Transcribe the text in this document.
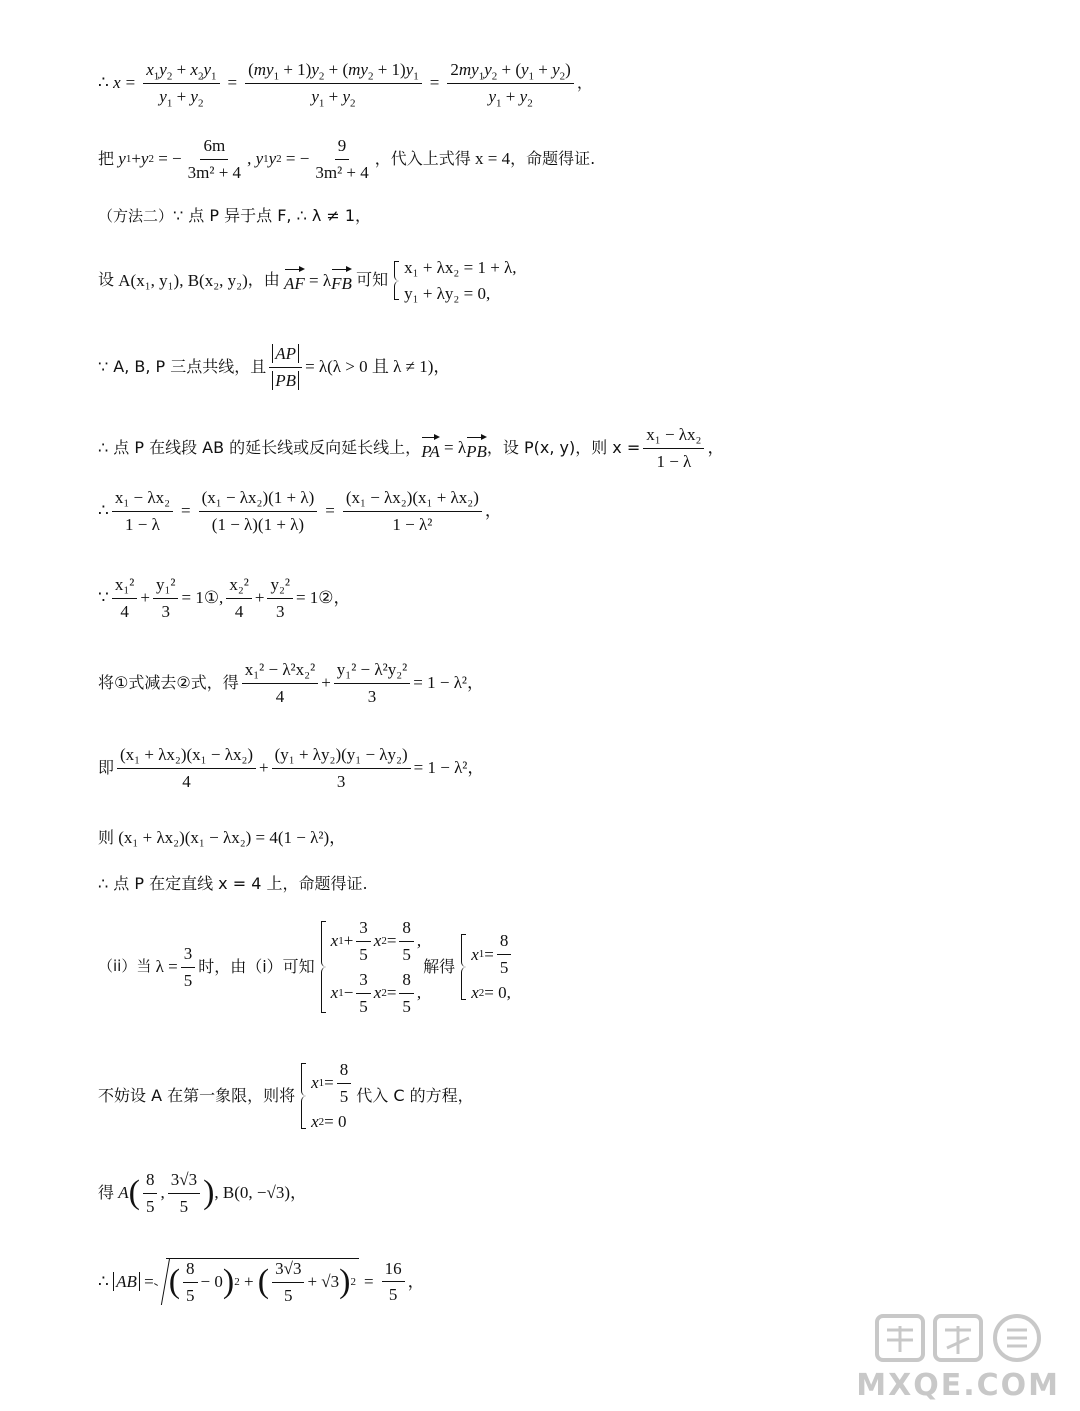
∴
$x = \frac{x_1y_2 + x_2y_1}{y_1 + y_2} = \frac{(my_1 + 1)y_2 + (my_2 + 1)y_1}{y_1 + y_2} = \frac{2my_1y_2 + (y_1 + y_2)}{y_1 + y_2}$ ，
把
y 1 + y 2 = − $\frac{6m}{\text{3m² + 4}}$ , y 1 y 2 = − $\frac{9}{\text{3m² + 4}}$ ，代入上式得
x = 4 ，命题得证.
（方法二） ∵ 点 P 异于点 F, ∴ λ ≠ 1，
设
A(x₁, y₁), B(x₂, y₂) ，由
AF
= λ FB
可知
x₁ + λx₂ = 1 + λ,
y₁ + λy₂ = 0,
∵ A, B, P 三点共线，且 $\frac{AP}{PB} = \lambda(\lambda > 0$ 且 λ ≠ 1)，
∴ 点 P 在线段 AB 的延长线或反向延长线上， PA
= λ PB ，设 P(x, y)，则 $x = \frac{\text{x₁ − λx₂}}{1 - \lambda}$ ，
∴ $\frac{\text{x₁ − λx₂}}{1 - \lambda} = \frac{\text{(x₁ − λx₂)(1 + λ)}}{(1 - \lambda)(1 + \lambda)} = \frac{\text{(x₁ − λx₂)(x₁ + λx₂)}}{\text{1 − λ²}}$ ，
∵ $\frac{\text{x₁²}}{4} + \frac{\text{y₁²}}{3}$ = 1①, $\frac{\text{x₂²}}{4} + \frac{\text{y₂²}}{3}$ = 1②，
将①式减去②式，得 $\frac{\text{x₁² − λ²x₂²}}{4} + \frac{\text{y₁² − λ²y₂²}}{3} = 1 - \lambda^2$，
即 $\frac{\text{(x₁ + λx₂)(x₁ − λx₂)}}{4} + \frac{\text{(y₁ + λy₂)(y₁ − λy₂)}}{3} = 1 - \lambda^2$，
则
(x₁ + λx₂)(x₁ − λx₂) = 4(1 − λ²)，
∴ 点 P 在定直线 x = 4 上，命题得证.
（ii）当
$\lambda = \frac{3}{5}$ 时，由（i）可知
x $1 + \frac{3}{5}$ x $2 = \frac{8}{5}$ ,
x $1 - \frac{3}{5}$ x $2 = \frac{8}{5}$ ,
解得
x $1 = \frac{8}{5}$
x 2 = 0,
不妨设 A 在第一象限，则将
x $1 = \frac{8}{5}$
x 2 = 0
代入 C 的方程，
得
A ( $\frac{8}{5}$ , $\frac{3√3}{5}$ ) , B(0, −√3)，
∴
AB
= ( $\frac{8}{5} - 0$ ) 2 + ( $\frac{3√3}{5} + √3$ ) $2 = \frac{16}{5}$ ，
MXQE.COM
